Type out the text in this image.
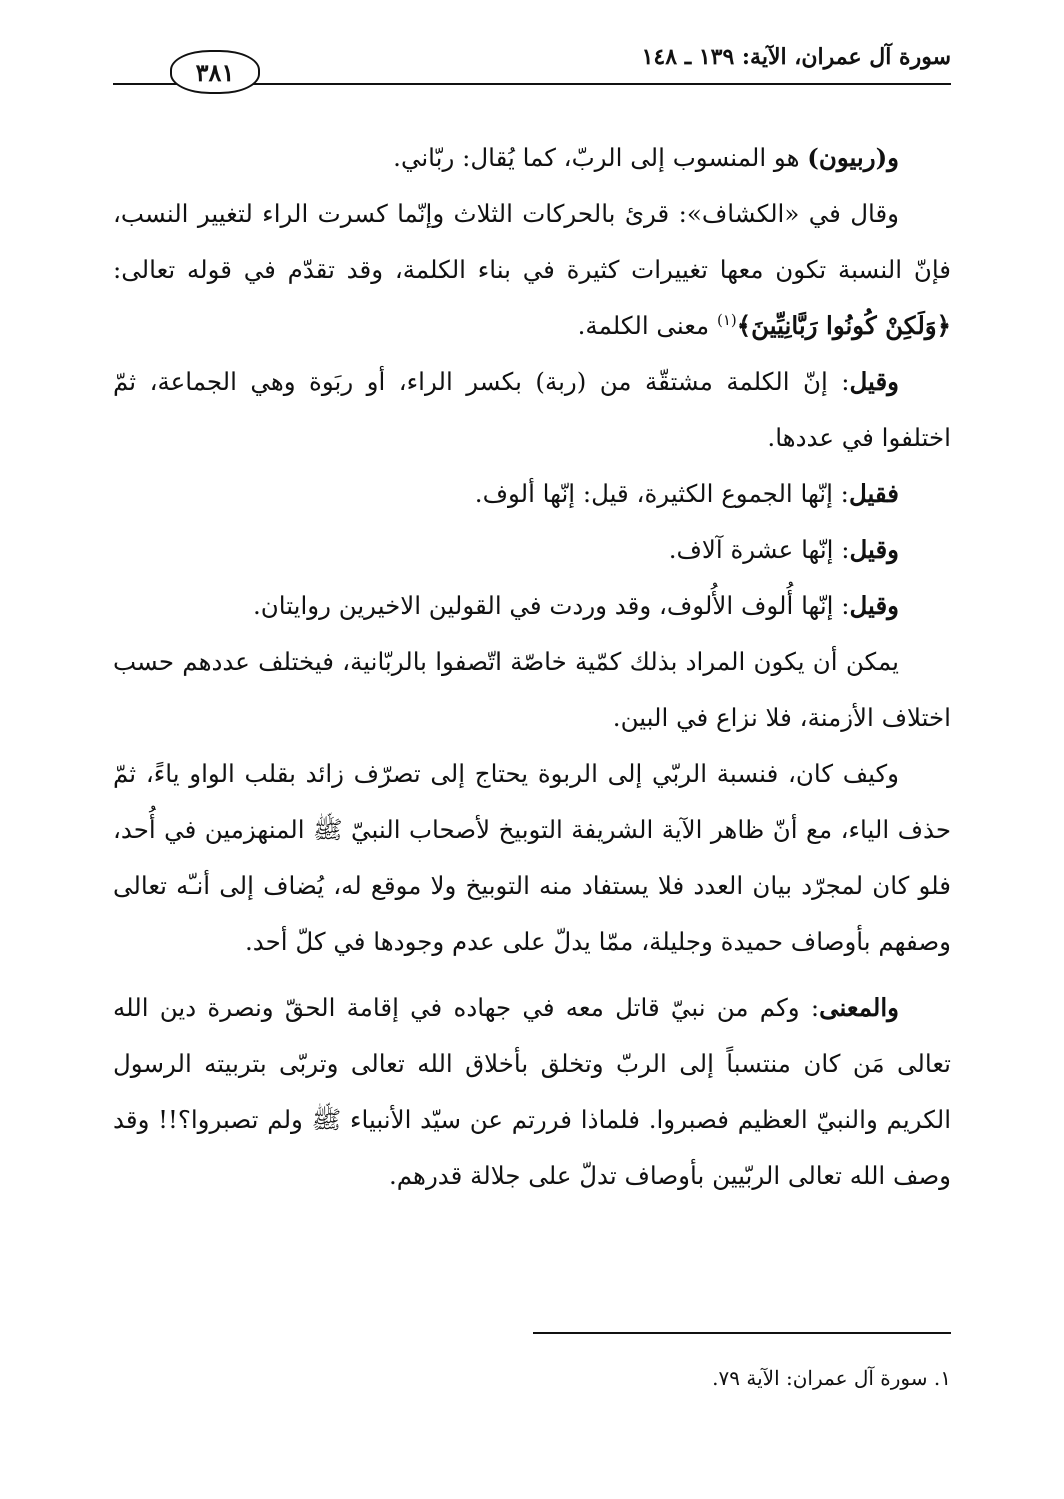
سورة آل عمران، الآية: ١٣٩ ـ ١٤٨
٣٨١

و(ربيون) هو المنسوب إلى الربّ، كما يُقال: ربّاني.

وقال في «الكشاف»: قرئ بالحركات الثلاث وإنّما كسرت الراء لتغيير النسب، فإنّ النسبة تكون معها تغييرات كثيرة في بناء الكلمة، وقد تقدّم في قوله تعالى: ﴿وَلَكِنْ كُونُوا رَبَّانِيِّينَ﴾$^{(١)}$ معنى الكلمة.

وقيل: إنّ الكلمة مشتقّة من (ربة) بكسر الراء، أو ربَوة وهي الجماعة، ثمّ اختلفوا في عددها.

فقيل: إنّها الجموع الكثيرة، قيل: إنّها ألوف.

وقيل: إنّها عشرة آلاف.

وقيل: إنّها أُلوف الأُلوف، وقد وردت في القولين الاخيرين روايتان.

يمكن أن يكون المراد بذلك كمّية خاصّة اتّصفوا بالربّانية، فيختلف عددهم حسب اختلاف الأزمنة، فلا نزاع في البين.

وكيف كان، فنسبة الربّي إلى الربوة يحتاج إلى تصرّف زائد بقلب الواو ياءً، ثمّ حذف الياء، مع أنّ ظاهر الآية الشريفة التوبيخ لأصحاب النبيّ ﷺ المنهزمين في أُحد، فلو كان لمجرّد بيان العدد فلا يستفاد منه التوبيخ ولا موقع له، يُضاف إلى أنـّه تعالى وصفهم بأوصاف حميدة وجليلة، ممّا يدلّ على عدم وجودها في كلّ أحد.

والمعنى: وكم من نبيّ قاتل معه في جهاده في إقامة الحقّ ونصرة دين الله تعالى مَن كان منتسباً إلى الربّ وتخلق بأخلاق الله تعالى وتربّى بتربيته الرسول الكريم والنبيّ العظيم فصبروا. فلماذا فررتم عن سيّد الأنبياء ﷺ ولم تصبروا؟!! وقد وصف الله تعالى الربّيين بأوصاف تدلّ على جلالة قدرهم.

١. سورة آل عمران: الآية ٧٩.
